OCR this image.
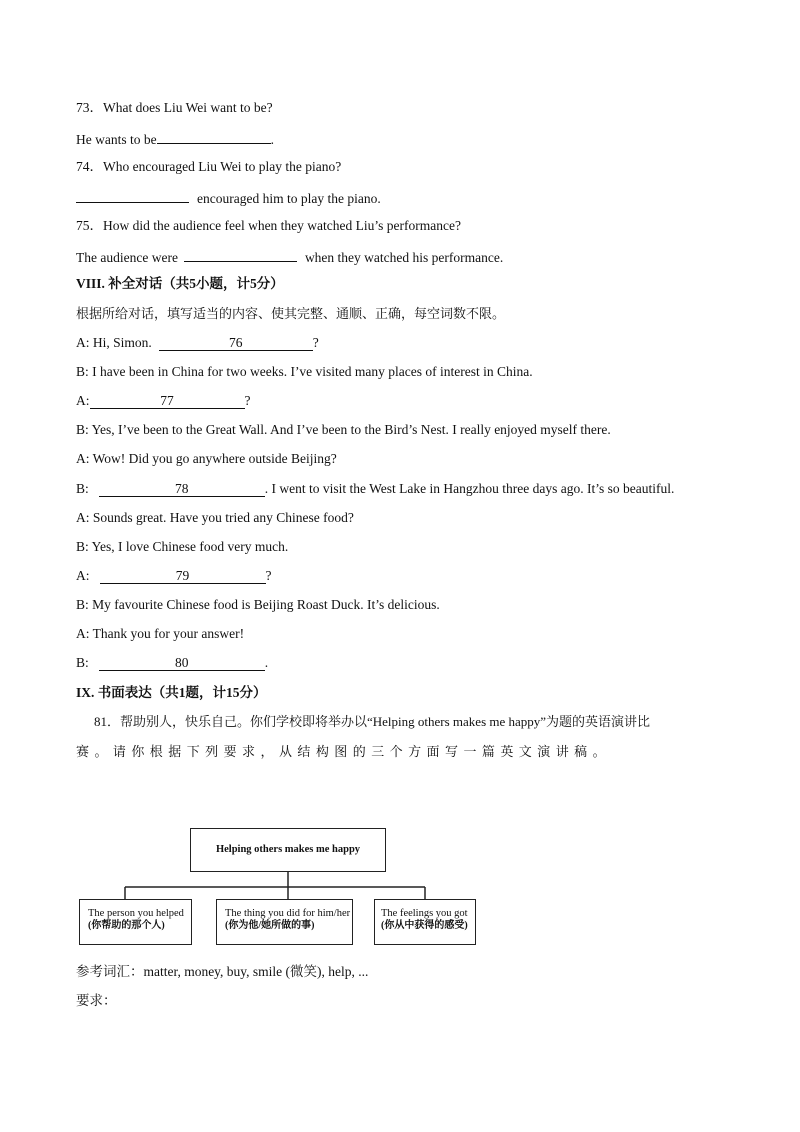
73．What does Liu Wei want to be?
He wants to be	.
74．Who encouraged Liu Wei to play the piano?
encouraged him to play the piano.
75．How did the audience feel when they watched Liu’s performance?
The audience were	when they watched his performance.
VIII. 补全对话（共5小题，计5分）
根据所给对话，填写适当的内容、使其完整、通顺、正确，每空词数不限。
A: Hi, Simon.	76	?
B: I have been in China for two weeks. I’ve visited many places of interest in China.
A:	77	?
B: Yes, I’ve been to the Great Wall. And I’ve been to the Bird’s Nest. I really enjoyed myself there.
A: Wow! Did you go anywhere outside Beijing?
B:	78	. I went to visit the West Lake in Hangzhou three days ago. It’s so beautiful.
A: Sounds great. Have you tried any Chinese food?
B: Yes, I love Chinese food very much.
A:	79	?
B: My favourite Chinese food is Beijing Roast Duck. It’s delicious.
A: Thank you for your answer!
B:	80	.
IX. 书面表达（共1题，计15分）
81．帮助别人，快乐自己。你们学校即将举办以“Helping others makes me happy”为题的英语演讲比
赛 。 请 你 根 据 下 列 要 求 ， 从 结 构 图 的 三 个 方 面 写 一 篇 英 文 演 讲 稿 。
Helping others makes me happy
The person you helped
(你帮助的那个人)
The thing you did for him/her
(你为他/她所做的事)
The feelings you got
(你从中获得的感受)
参考词汇：matter, money, buy, smile (微笑), help, ...
要求：
